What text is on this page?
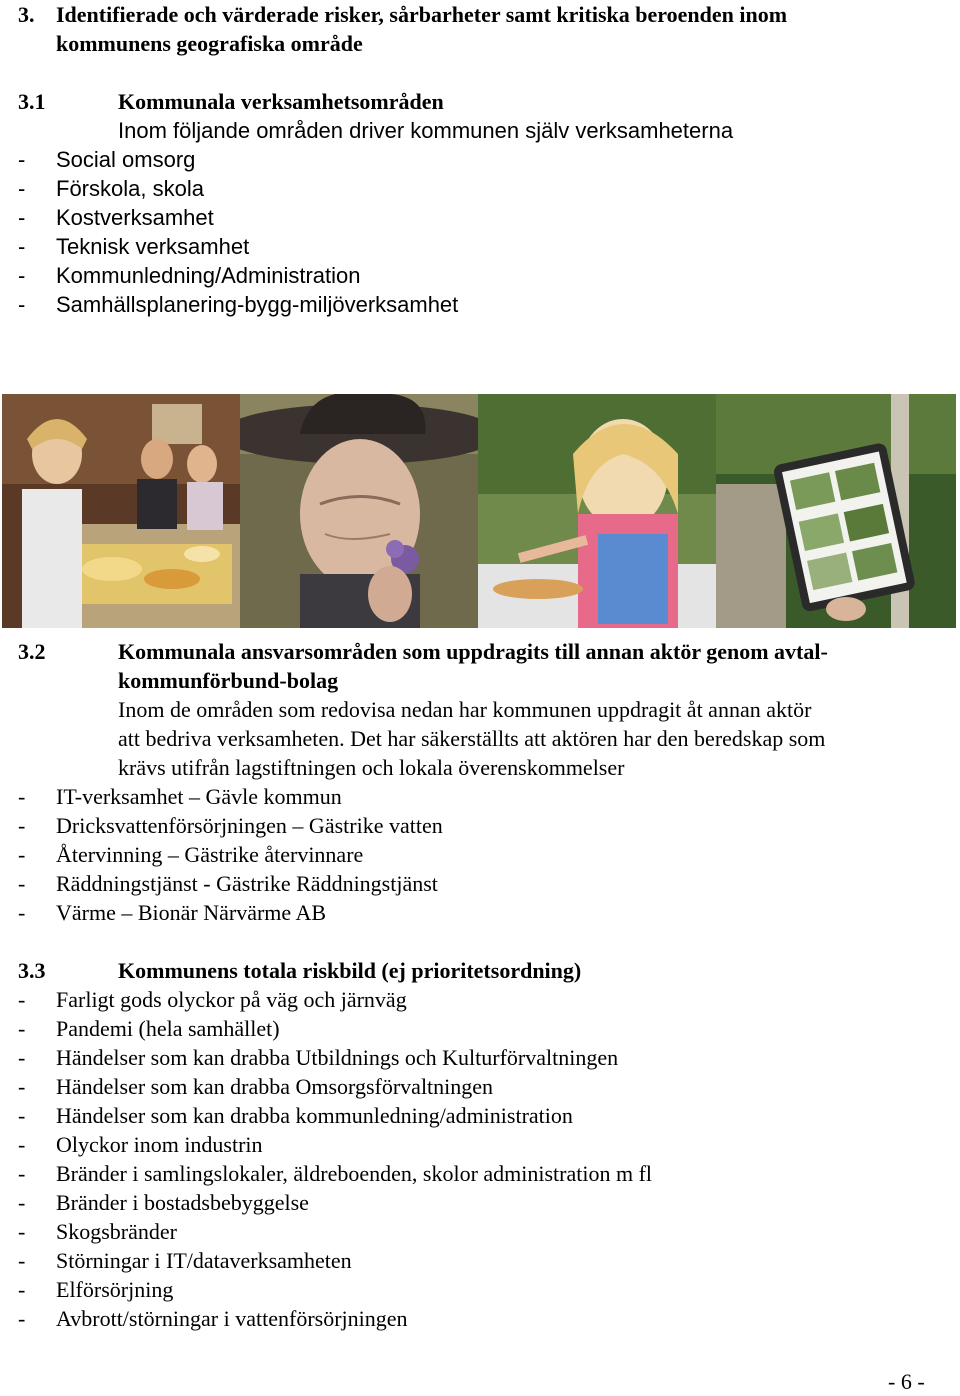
3. Identifierade och värderade risker, sårbarheter samt kritiska beroenden inom
kommunens geografiska område
3.1	Kommunala verksamhetsområden
Inom följande områden driver kommunen själv verksamheterna
- Social omsorg
- Förskola, skola
- Kostverksamhet
- Teknisk verksamhet
- Kommunledning/Administration
- Samhällsplanering-bygg-miljöverksamhet
3.2	Kommunala ansvarsområden som uppdragits till annan aktör genom avtal-
kommunförbund-bolag
Inom de områden som redovisa nedan har kommunen uppdragit åt annan aktör
att bedriva verksamheten. Det har säkerställts att aktören har den beredskap som
krävs utifrån lagstiftningen och lokala överenskommelser
- IT-verksamhet – Gävle kommun
- Dricksvattenförsörjningen – Gästrike vatten
- Återvinning – Gästrike återvinnare
- Räddningstjänst - Gästrike Räddningstjänst
- Värme – Bionär Närvärme AB
3.3	Kommunens totala riskbild (ej prioritetsordning)
- Farligt gods olyckor på väg och järnväg
- Pandemi (hela samhället)
- Händelser som kan drabba Utbildnings och Kulturförvaltningen
- Händelser som kan drabba Omsorgsförvaltningen
- Händelser som kan drabba kommunledning/administration
- Olyckor inom industrin
- Bränder i samlingslokaler, äldreboenden, skolor administration m fl
- Bränder i bostadsbebyggelse
- Skogsbränder
- Störningar i IT/dataverksamheten
- Elförsörjning
- Avbrott/störningar i vattenförsörjningen
- 6 -
